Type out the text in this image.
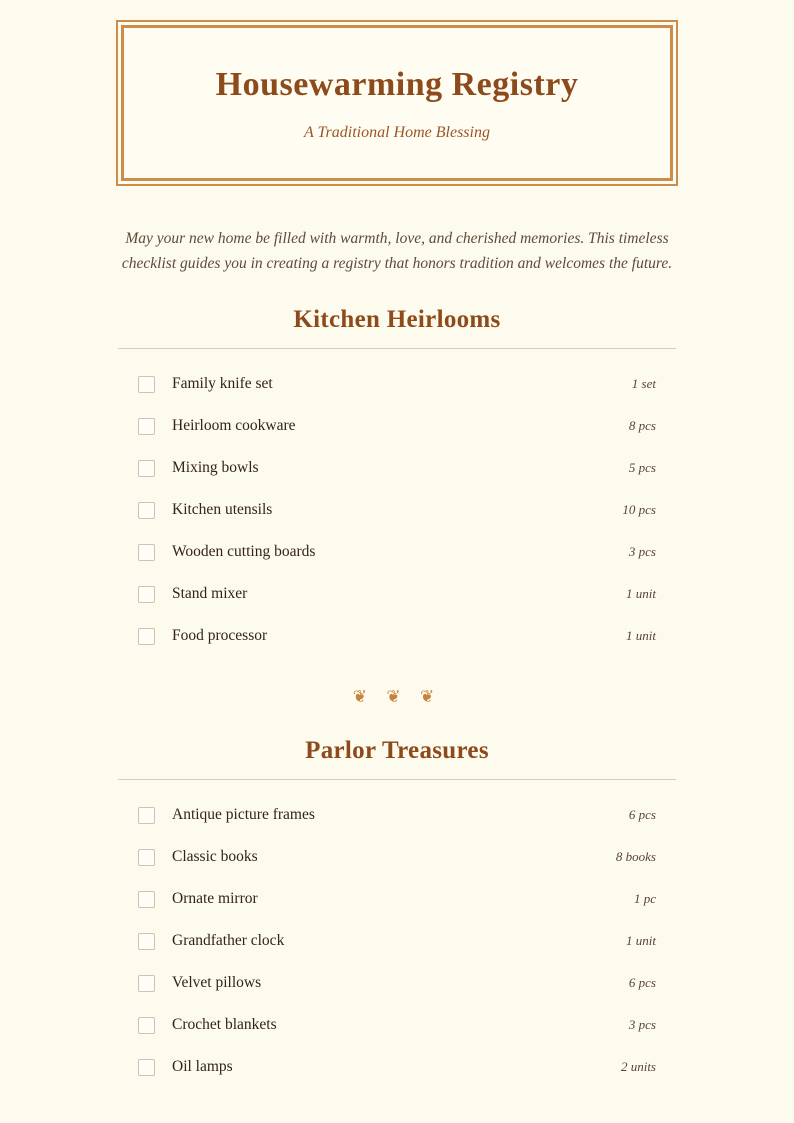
Housewarming Registry
A Traditional Home Blessing

May your new home be filled with warmth, love, and cherished memories. This timeless checklist guides you in creating a registry that honors tradition and welcomes the future.

Kitchen Heirlooms
Family knife set	1 set
Heirloom cookware	8 pcs
Mixing bowls	5 pcs
Kitchen utensils	10 pcs
Wooden cutting boards	3 pcs
Stand mixer	1 unit
Food processor	1 unit
❦ ❦ ❦
Parlor Treasures
Antique picture frames	6 pcs
Classic books	8 books
Ornate mirror	1 pc
Grandfather clock	1 unit
Velvet pillows	6 pcs
Crochet blankets	3 pcs
Oil lamps	2 units
